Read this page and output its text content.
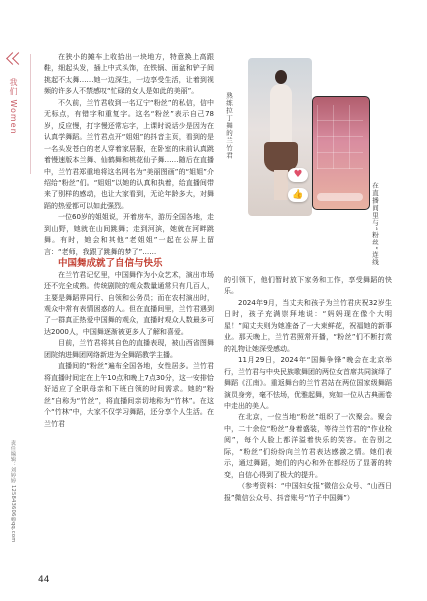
我们 Women
责任编辑：刘婷婷 125843606@qq.com

在狭小的摊车上收拾出一块地方，特意换上高跟鞋，细起头发，插上中式头饰，在铁锅、面盆和铲子间挑起不太舞……她一边深生，一边享受生活，让着到视频的许多人不禁感叹“忙碌的女人是如此的美丽”。

不久前，兰竹君收到一名辽宁“粉丝”的私信，信中无标点，有错字和重复字。这名“粉丝”表示自己78岁，反应慢，打字慢还常忘字，上课时说话少是因为在认真学舞蹈。兰竹君点开“姐姐”的抖音主页，看到的是一名头发苍白的老人穿着家居服，在卧室的床前认真跳着慢速版本兰舞、仙鹤舞和桃花仙子舞……随后在直播中，兰竹君郑重地将这名网名为“美丽图画”的“姐姐”介绍给“粉丝”们。“姐姐”以她的认真和执着，给直播间带来了别样的感动，也让大家看到，无论年龄多大，对舞蹈的热爱都可以如此强烈。

一位60岁的姐姐说，开着房车，游历全国各地，走到山野，她就在山间跳舞；走到河滨，她就在河畔跳舞。有时，她会和其他“老姐姐”一起在公屏上留言：“老师，我跟了跳舞的梦了”……

中国舞成就了自信与快乐

在兰竹君记忆里，中国舞作为小众艺术，演出市场还不完全成熟。传统剧院的观众数量通常只有几百人，主要是舞蹈界同行、自领和公务员；而在农村演出时，观众中常有表情困惑的人。但在直播间里，兰竹君遇到了一群真正热爱中国舞的观众，直播时观众人数最多可达2000人，中国舞逐渐被更多人了解和喜爱。

目前，兰竹君将其自色的直播表现，被山西省图舞团院纳进舞团网络新进为全舞蹈教学主播。

直播间的“粉丝”遍布全国各地，女性居多。兰竹君将直播时间定在上午10点和晚上7点30分，这一安排恰好适应了全职母亲和下班白领的时间需求。她的“粉丝”自称为“竹丝”，将直播间亲切地称为“竹林”。在这个“竹林”中，大家不仅学习舞蹈，还分享个人生活。在兰竹君

熟练拉丁舞的兰竹君
♥
👍	在直播间里与“粉丝”连线

的引领下，他们暂时放下家务和工作，享受舞蹈的快乐。

2024年9月，当丈夫和孩子为兰竹君庆祝32岁生日时，孩子充满崇拜地说：“妈妈现在像个大明星！”闻丈夫则为她准备了一大束鲜花，祝福她的新事业。那天晚上，兰竹君照常开播，“粉丝”们不断打赏的礼物让她深受感动。

11月29日，2024年“国舞争锋”晚会在北京举行，兰竹君与中央民族歌舞团的两位女首席共同演绎了舞蹈《江南》。重返舞台的兰竹君站在两位国家级舞蹈演员身旁，毫不怯场，优雅起舞，宛如一位从古典画卷中走出的美人。

在北京，一位当地“粉丝”组织了一次聚会。聚会中，二十余位“粉丝”身着盛装，等待兰竹君的“作业检阅”，每个人脸上都洋溢着快乐的笑容。在告别之际，“粉丝”们纷纷向兰竹君表达感激之情。她们表示，通过舞蹈，她们的内心和外在都经历了显著的转变，自信心得到了极大的提升。

（参考资料：“中国妇女报”微信公众号、“山西日报”微信公众号、抖音账号“竹子中国舞”）

44
